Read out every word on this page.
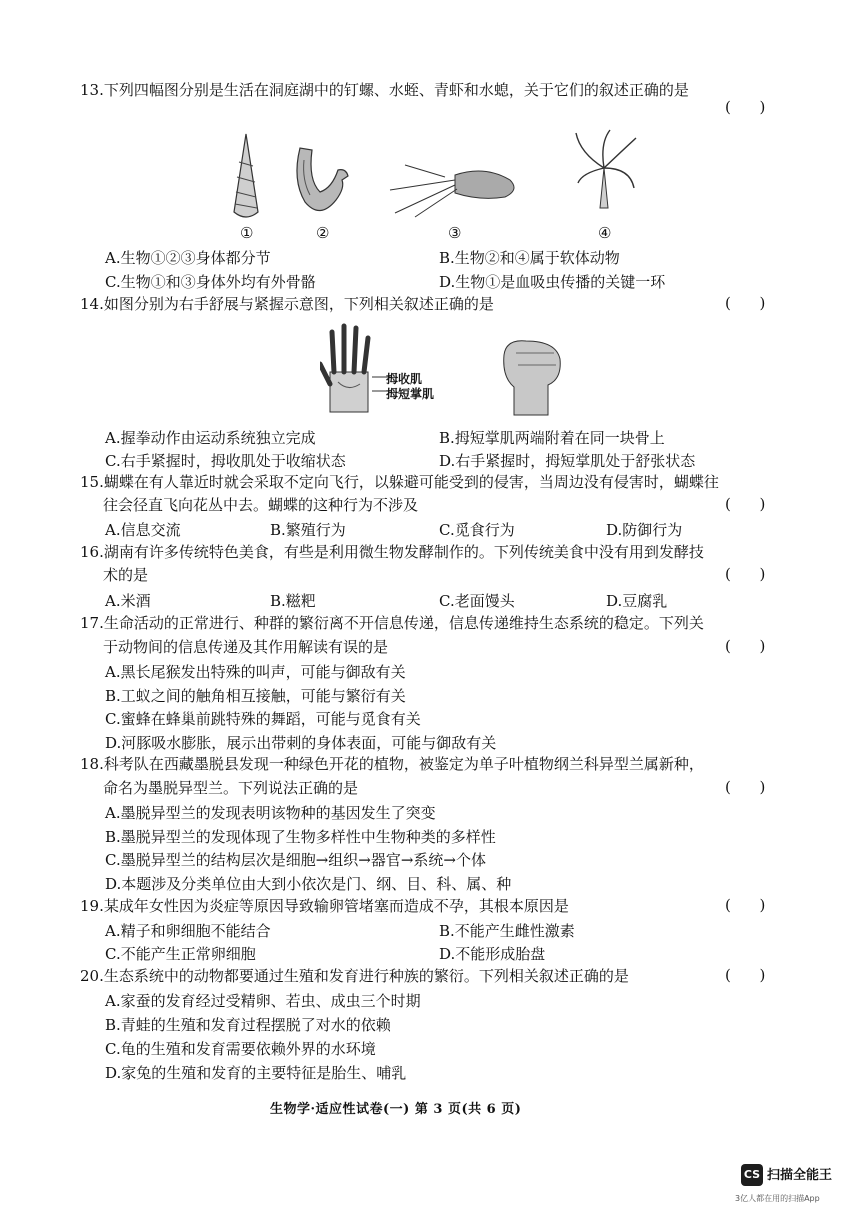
13.下列四幅图分别是生活在洞庭湖中的钉螺、水蛭、青虾和水螅，关于它们的叙述正确的是
(      )
①	②	③	④
A.生物①②③身体都分节	B.生物②和④属于软体动物
C.生物①和③身体外均有外骨骼	D.生物①是血吸虫传播的关键一环
14.如图分别为右手舒展与紧握示意图，下列相关叙述正确的是	(      )
拇收肌
拇短掌肌
A.握拳动作由运动系统独立完成	B.拇短掌肌两端附着在同一块骨上
C.右手紧握时，拇收肌处于收缩状态	D.右手紧握时，拇短掌肌处于舒张状态
15.蝴蝶在有人靠近时就会采取不定向飞行，以躲避可能受到的侵害，当周边没有侵害时，蝴蝶往
往会径直飞向花丛中去。蝴蝶的这种行为不涉及	(      )
A.信息交流	B.繁殖行为	C.觅食行为	D.防御行为
16.湖南有许多传统特色美食，有些是利用微生物发酵制作的。下列传统美食中没有用到发酵技
术的是	(      )
A.米酒	B.糍粑	C.老面馒头	D.豆腐乳
17.生命活动的正常进行、种群的繁衍离不开信息传递，信息传递维持生态系统的稳定。下列关
于动物间的信息传递及其作用解读有误的是	(      )
A.黑长尾猴发出特殊的叫声，可能与御敌有关
B.工蚁之间的触角相互接触，可能与繁衍有关
C.蜜蜂在蜂巢前跳特殊的舞蹈，可能与觅食有关
D.河豚吸水膨胀，展示出带刺的身体表面，可能与御敌有关
18.科考队在西藏墨脱县发现一种绿色开花的植物，被鉴定为单子叶植物纲兰科异型兰属新种，
命名为墨脱异型兰。下列说法正确的是	(      )
A.墨脱异型兰的发现表明该物种的基因发生了突变
B.墨脱异型兰的发现体现了生物多样性中生物种类的多样性
C.墨脱异型兰的结构层次是细胞→组织→器官→系统→个体
D.本题涉及分类单位由大到小依次是门、纲、目、科、属、种
19.某成年女性因为炎症等原因导致输卵管堵塞而造成不孕，其根本原因是	(      )
A.精子和卵细胞不能结合	B.不能产生雌性激素
C.不能产生正常卵细胞	D.不能形成胎盘
20.生态系统中的动物都要通过生殖和发育进行种族的繁衍。下列相关叙述正确的是	(      )
A.家蚕的发育经过受精卵、若虫、成虫三个时期
B.青蛙的生殖和发育过程摆脱了对水的依赖
C.龟的生殖和发育需要依赖外界的水环境
D.家兔的生殖和发育的主要特征是胎生、哺乳
生物学·适应性试卷(一) 第 3 页(共 6 页)
CS 扫描全能王
3亿人都在用的扫描App
